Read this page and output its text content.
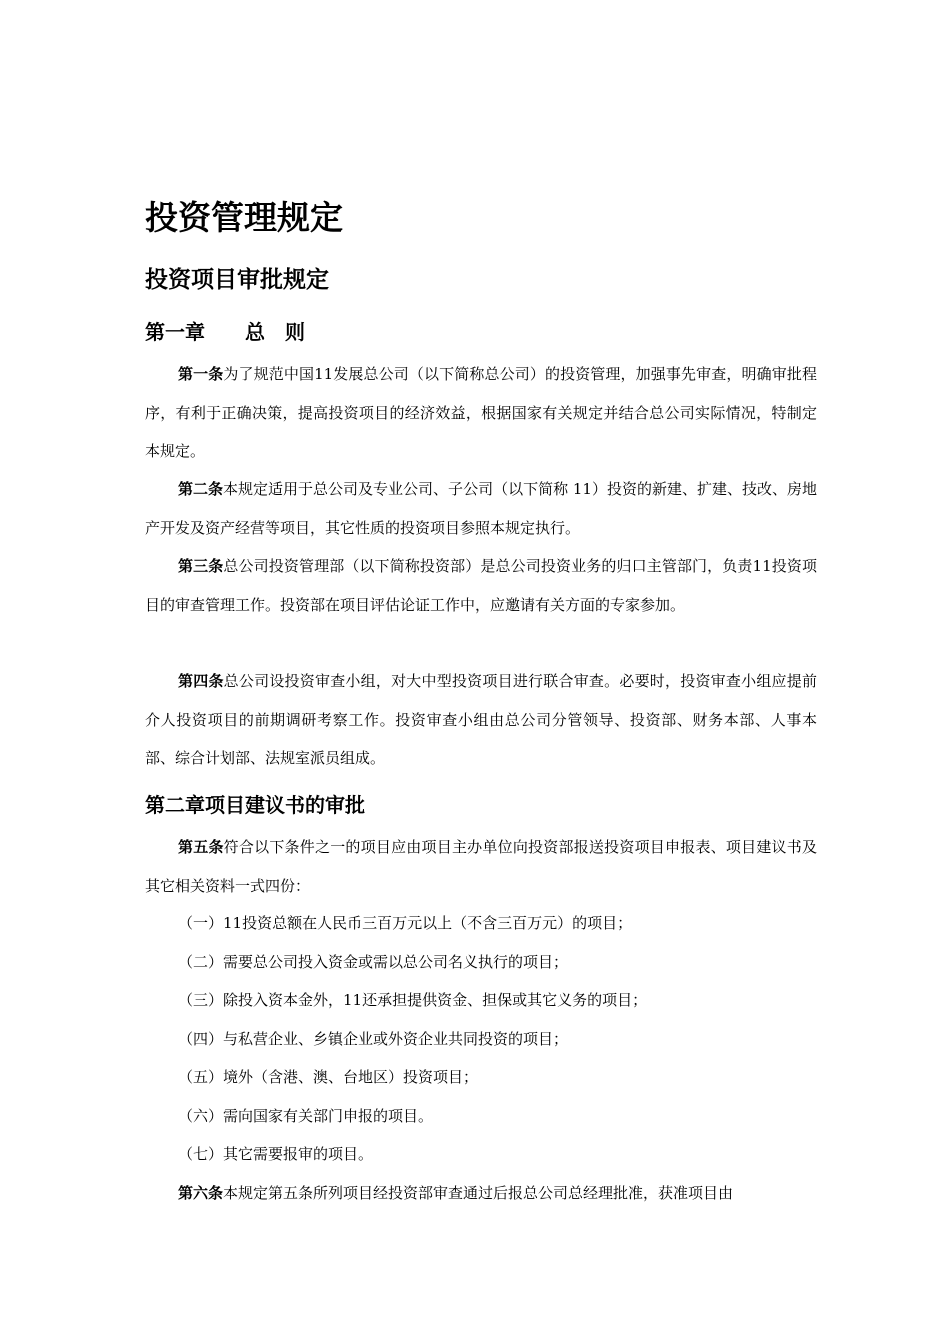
投资管理规定
投资项目审批规定
第一章　　总　则

第一条为了规范中国11发展总公司（以下简称总公司）的投资管理，加强事先审查，明确审批程序，有利于正确决策，提高投资项目的经济效益，根据国家有关规定并结合总公司实际情况，特制定本规定。

第二条本规定适用于总公司及专业公司、子公司（以下简称 11）投资的新建、扩建、技改、房地产开发及资产经营等项目，其它性质的投资项目参照本规定执行。

第三条总公司投资管理部（以下简称投资部）是总公司投资业务的归口主管部门，负责11投资项目的审查管理工作。投资部在项目评估论证工作中，应邀请有关方面的专家参加。

第四条总公司设投资审查小组，对大中型投资项目进行联合审查。必要时，投资审查小组应提前介人投资项目的前期调研考察工作。投资审查小组由总公司分管领导、投资部、财务本部、人事本部、综合计划部、法规室派员组成。

第二章项目建议书的审批

第五条符合以下条件之一的项目应由项目主办单位向投资部报送投资项目申报表、项目建议书及其它相关资料一式四份：

（一）11投资总额在人民币三百万元以上（不含三百万元）的项目；
（二）需要总公司投入资金或需以总公司名义执行的项目；
（三）除投入资本金外，11还承担提供资金、担保或其它义务的项目；
（四）与私营企业、乡镇企业或外资企业共同投资的项目；
（五）境外（含港、澳、台地区）投资项目；
（六）需向国家有关部门申报的项目。
（七）其它需要报审的项目。

第六条本规定第五条所列项目经投资部审查通过后报总公司总经理批准，获准项目由
